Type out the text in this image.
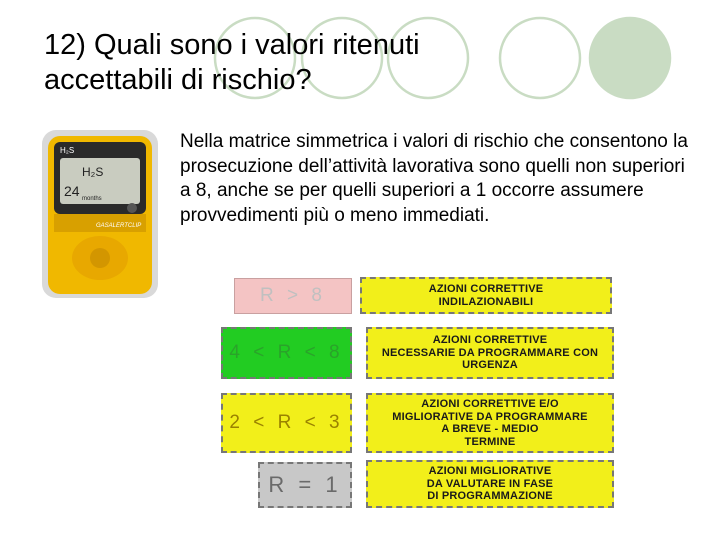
12) Quali sono i valori ritenuti accettabili di rischio?
H₂S
H₂S
24 months
GASALERTCLIP

Nella matrice simmetrica i valori di rischio che consentono la prosecuzione dell’attività lavorativa sono quelli non superiori a 8, anche se per quelli superiori a 1 occorre assumere provvedimenti più o meno immediati.

R > 8	AZIONI CORRETTIVE
INDILAZIONABILI
4 < R < 8
AZIONI CORRETTIVE
NECESSARIE DA PROGRAMMARE CON
URGENZA
2 < R < 3
AZIONI CORRETTIVE E/O
MIGLIORATIVE DA PROGRAMMARE
A BREVE - MEDIO
TERMINE
R = 1
AZIONI MIGLIORATIVE
DA VALUTARE IN FASE
DI PROGRAMMAZIONE
